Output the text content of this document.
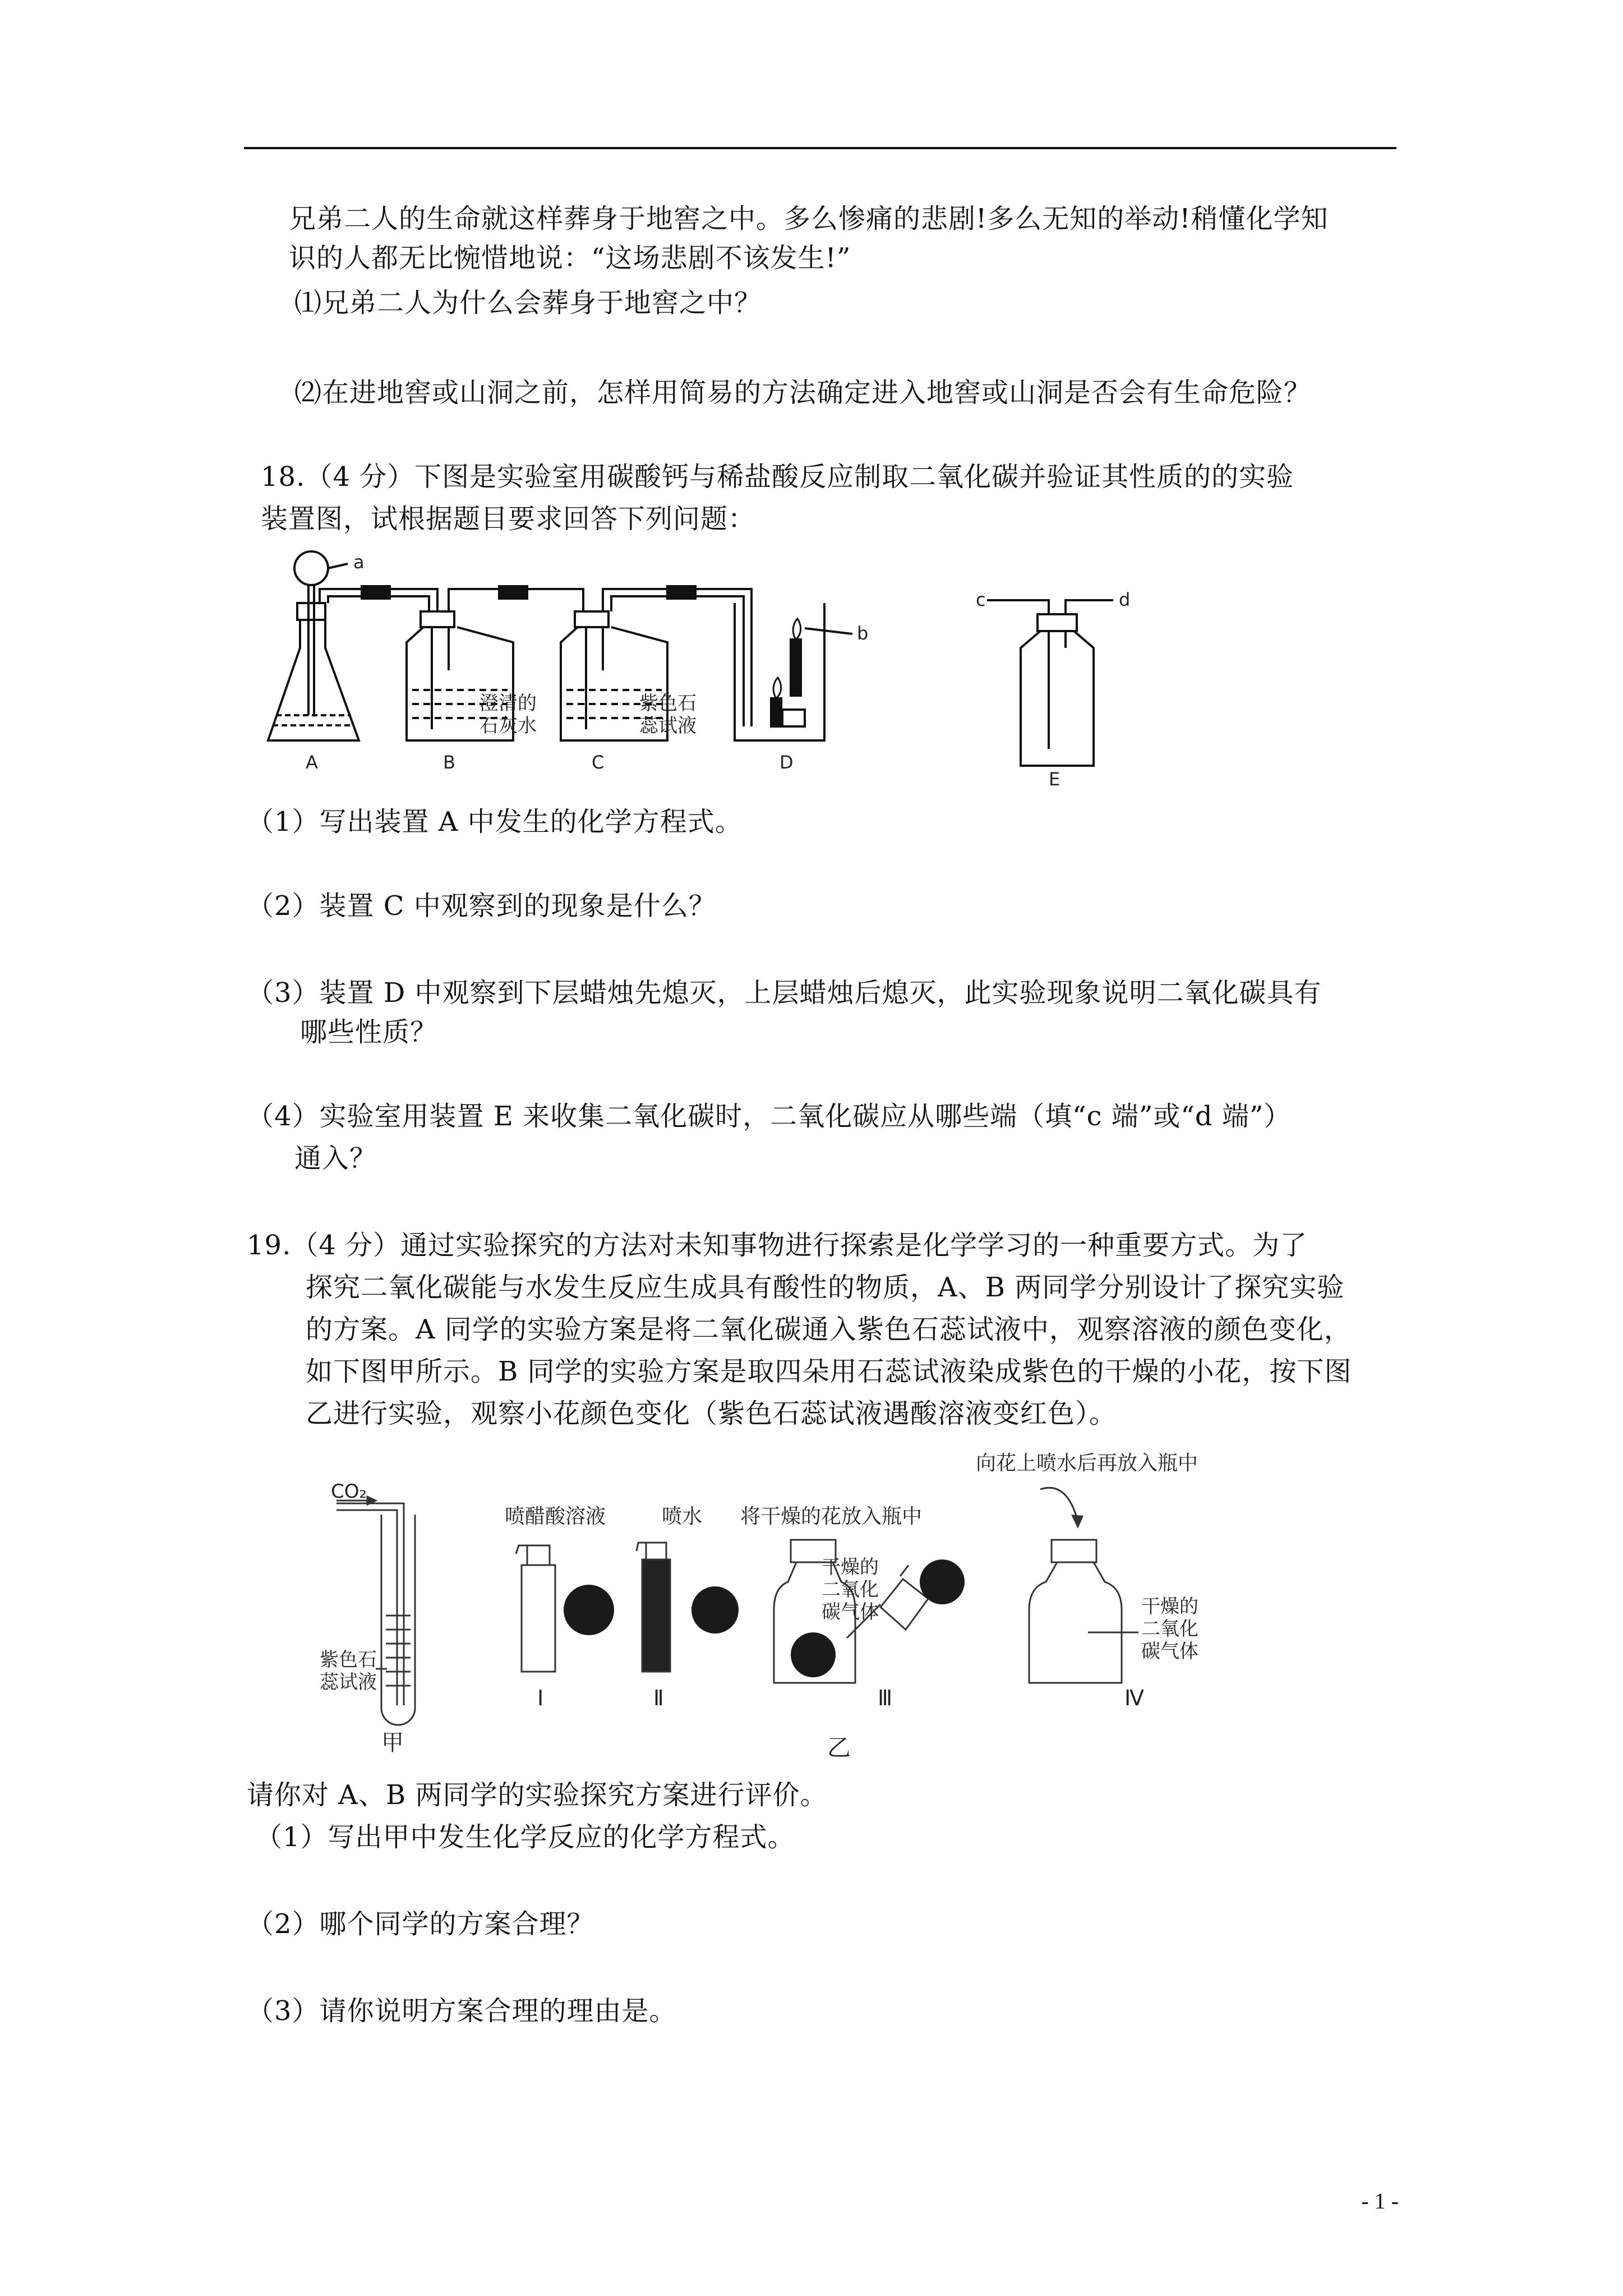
兄弟二人的生命就这样葬身于地窖之中。多么惨痛的悲剧!多么无知的举动!稍懂化学知
识的人都无比惋惜地说：“这场悲剧不该发生!”
⑴兄弟二人为什么会葬身于地窖之中？
⑵在进地窖或山洞之前，怎样用简易的方法确定进入地窖或山洞是否会有生命危险？
18.（4 分）下图是实验室用碳酸钙与稀盐酸反应制取二氧化碳并验证其性质的的实验
装置图，试根据题目要求回答下列问题：
a
b
c	d
A	B	C	D
E
澄清的
石灰水
紫色石
蕊试液
（1）写出装置 A 中发生的化学方程式。
（2）装置 C 中观察到的现象是什么？
（3）装置 D 中观察到下层蜡烛先熄灭，上层蜡烛后熄灭，此实验现象说明二氧化碳具有
哪些性质？
（4）实验室用装置 E 来收集二氧化碳时，二氧化碳应从哪些端（填“c 端”或“d 端”）
通入？
19.（4 分）通过实验探究的方法对未知事物进行探索是化学学习的一种重要方式。为了
探究二氧化碳能与水发生反应生成具有酸性的物质，A、B 两同学分别设计了探究实验
的方案。A 同学的实验方案是将二氧化碳通入紫色石蕊试液中，观察溶液的颜色变化，
如下图甲所示。B 同学的实验方案是取四朵用石蕊试液染成紫色的干燥的小花，按下图
乙进行实验，观察小花颜色变化（紫色石蕊试液遇酸溶液变红色）。
CO₂
紫色石
蕊试液
甲
喷醋酸溶液	喷水 将干燥的花放入瓶中
向花上喷水后再放入瓶中
干燥的
二氧化
碳气体	干燥的
二氧化
碳气体
Ⅰ	Ⅱ	Ⅲ	Ⅳ
乙
请你对 A、B 两同学的实验探究方案进行评价。
（1）写出甲中发生化学反应的化学方程式。
（2）哪个同学的方案合理？
（3）请你说明方案合理的理由是。
- 1 -
